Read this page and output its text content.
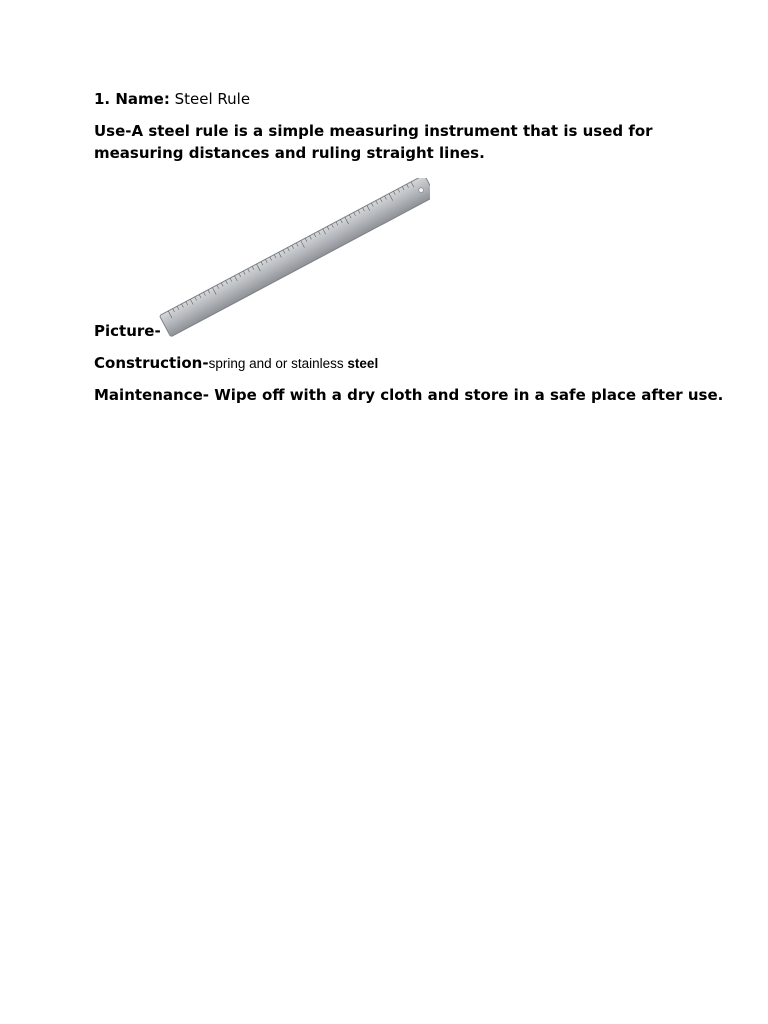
1. Name: Steel Rule
Use-A steel rule is a simple measuring instrument that is used for measuring distances and ruling straight lines.
Picture-
Construction-spring and or stainless steel
Maintenance- Wipe off with a dry cloth and store in a safe place after use.
